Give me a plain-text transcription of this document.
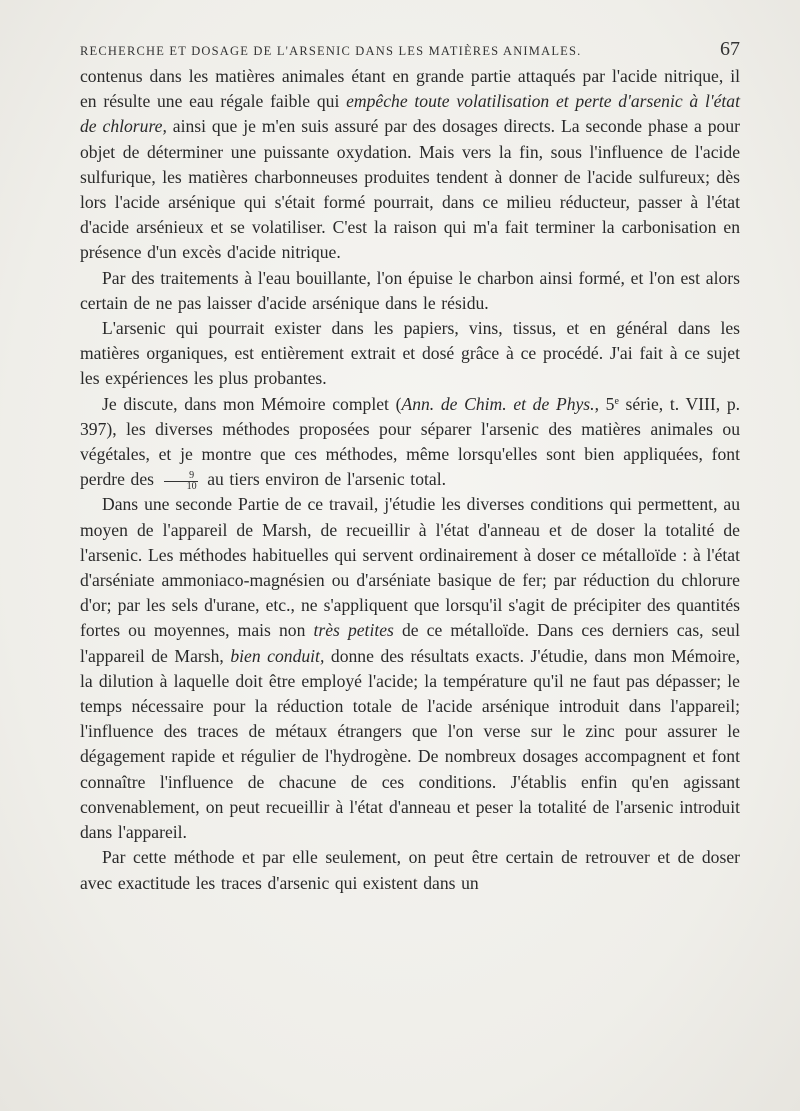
RECHERCHE ET DOSAGE DE L'ARSENIC DANS LES MATIÈRES ANIMALES.	67

contenus dans les matières animales étant en grande partie attaqués par l'acide nitrique, il en résulte une eau régale faible qui empêche toute volatilisation et perte d'arsenic à l'état de chlorure, ainsi que je m'en suis assuré par des dosages directs. La seconde phase a pour objet de déterminer une puissante oxydation. Mais vers la fin, sous l'influence de l'acide sulfurique, les matières charbonneuses produites tendent à donner de l'acide sulfureux; dès lors l'acide arsénique qui s'était formé pourrait, dans ce milieu réducteur, passer à l'état d'acide arsénieux et se volatiliser. C'est la raison qui m'a fait terminer la carbonisation en présence d'un excès d'acide nitrique.

Par des traitements à l'eau bouillante, l'on épuise le charbon ainsi formé, et l'on est alors certain de ne pas laisser d'acide arsénique dans le résidu.

L'arsenic qui pourrait exister dans les papiers, vins, tissus, et en général dans les matières organiques, est entièrement extrait et dosé grâce à ce procédé. J'ai fait à ce sujet les expériences les plus probantes.

Je discute, dans mon Mémoire complet (Ann. de Chim. et de Phys., 5e série, t. VIII, p. 397), les diverses méthodes proposées pour séparer l'arsenic des matières animales ou végétales, et je montre que ces méthodes, même lorsqu'elles sont bien appliquées, font perdre des $\frac{9}{10}$ au tiers environ de l'arsenic total.

Dans une seconde Partie de ce travail, j'étudie les diverses conditions qui permettent, au moyen de l'appareil de Marsh, de recueillir à l'état d'anneau et de doser la totalité de l'arsenic. Les méthodes habituelles qui servent ordinairement à doser ce métalloïde : à l'état d'arséniate ammoniaco-magnésien ou d'arséniate basique de fer; par réduction du chlorure d'or; par les sels d'urane, etc., ne s'appliquent que lorsqu'il s'agit de précipiter des quantités fortes ou moyennes, mais non très petites de ce métalloïde. Dans ces derniers cas, seul l'appareil de Marsh, bien conduit, donne des résultats exacts. J'étudie, dans mon Mémoire, la dilution à laquelle doit être employé l'acide; la température qu'il ne faut pas dépasser; le temps nécessaire pour la réduction totale de l'acide arsénique introduit dans l'appareil; l'influence des traces de métaux étrangers que l'on verse sur le zinc pour assurer le dégagement rapide et régulier de l'hydrogène. De nombreux dosages accompagnent et font connaître l'influence de chacune de ces conditions. J'établis enfin qu'en agissant convenablement, on peut recueillir à l'état d'anneau et peser la totalité de l'arsenic introduit dans l'appareil.

Par cette méthode et par elle seulement, on peut être certain de retrouver et de doser avec exactitude les traces d'arsenic qui existent dans un
